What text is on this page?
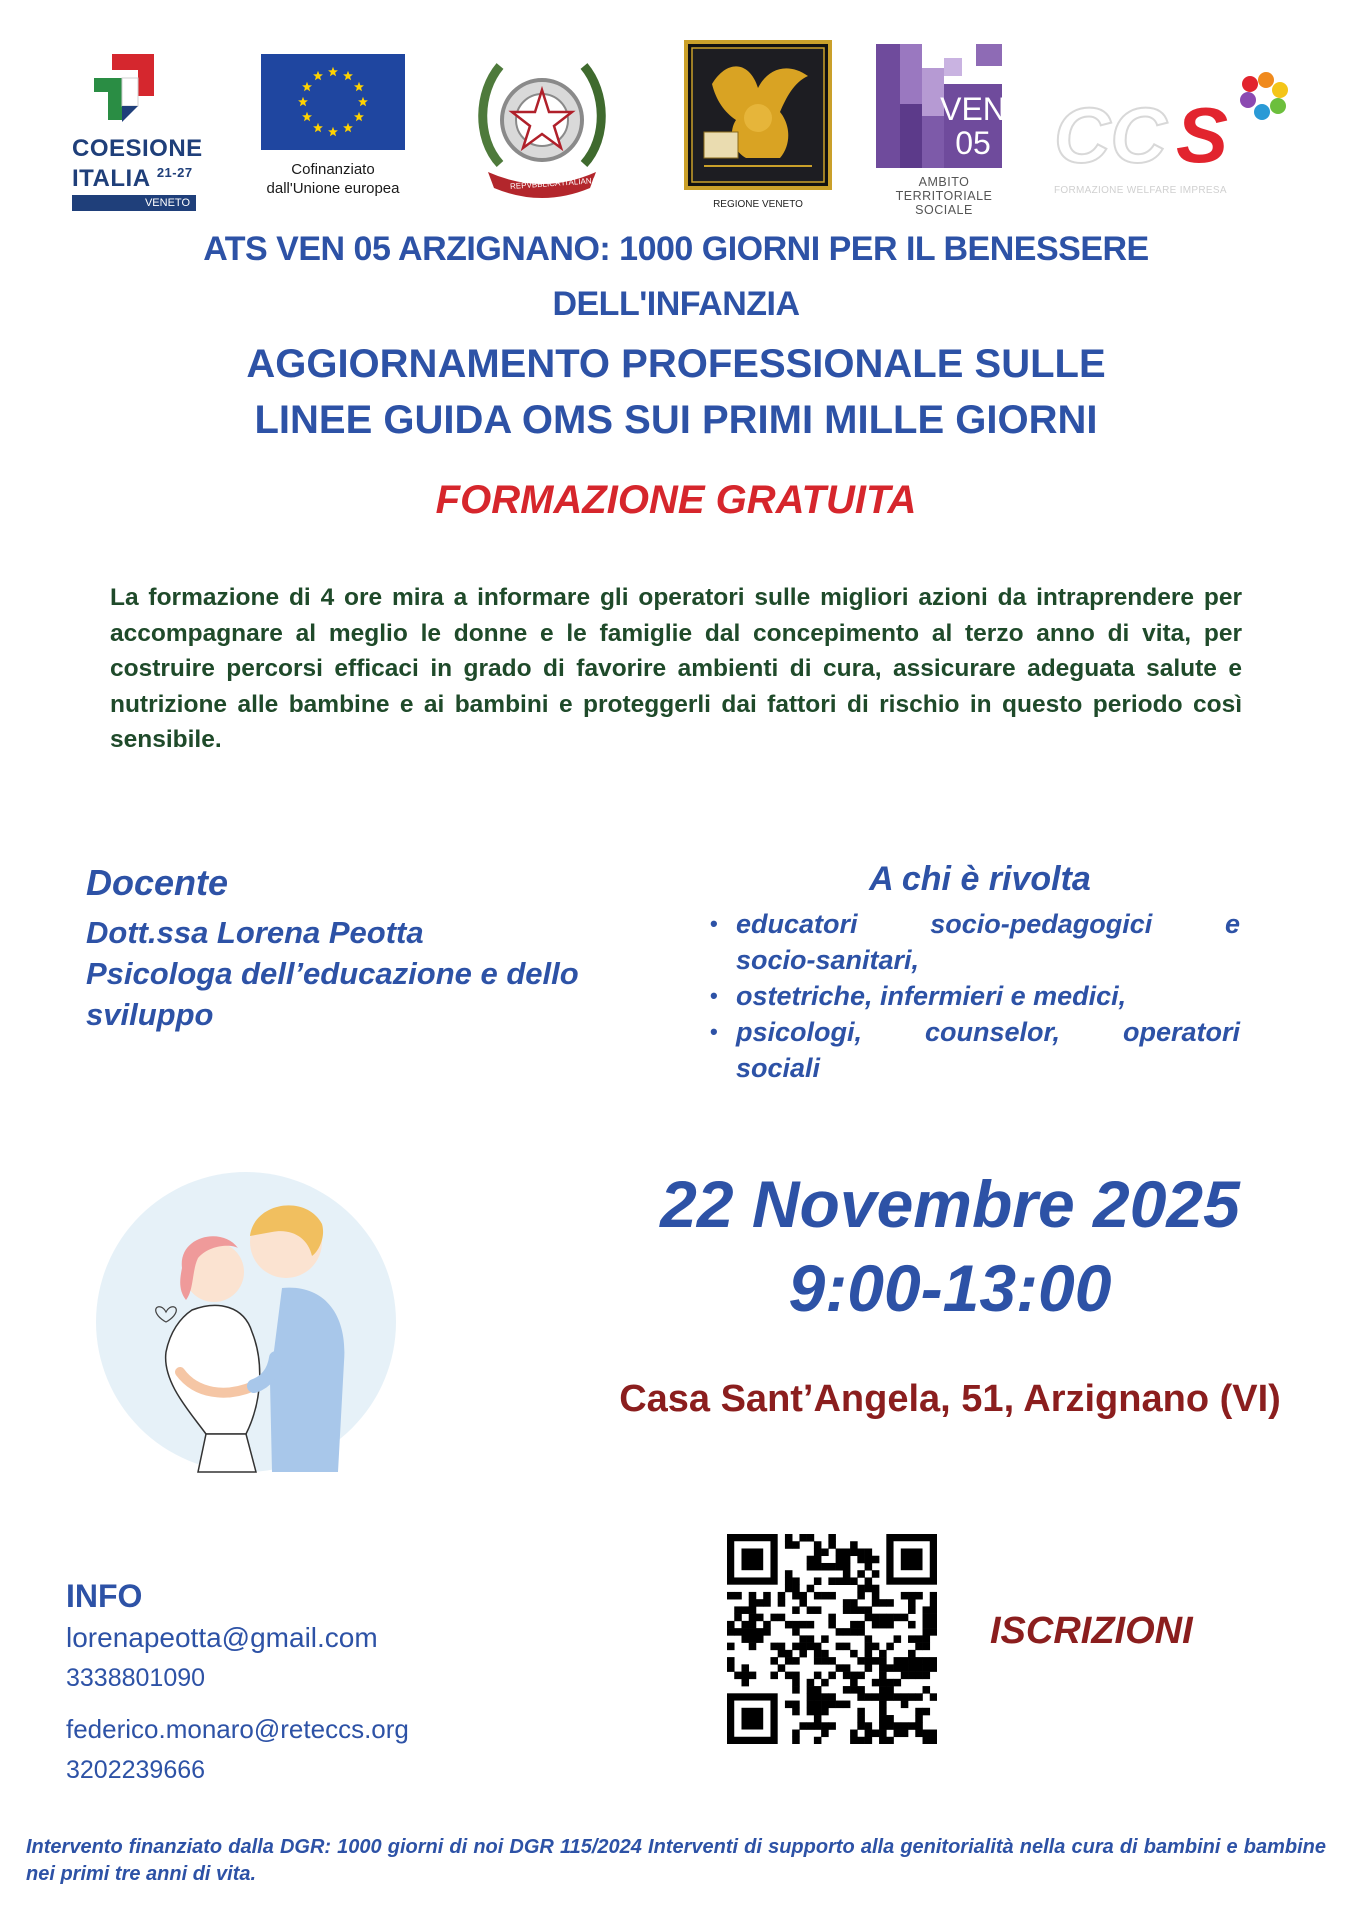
COESIONE
ITALIA $^{21-27}$
VENETO
Cofinanziato
dall'Unione europea	REPVBBLICA ITALIANA
REGIONE VENETO
VEN
05
AMBITO
TERRITORIALE
SOCIALE
CC S
FORMAZIONE WELFARE IMPRESA
ATS VEN 05 ARZIGNANO: 1000 GIORNI PER IL BENESSERE
DELL'INFANZIA
AGGIORNAMENTO PROFESSIONALE SULLE
LINEE GUIDA OMS SUI PRIMI MILLE GIORNI
FORMAZIONE GRATUITA
La formazione di 4 ore mira a informare gli operatori sulle migliori azioni da intraprendere per accompagnare al meglio le donne e le famiglie dal concepimento al terzo anno di vita, per costruire percorsi efficaci in grado di favorire ambienti di cura, assicurare adeguata salute e nutrizione alle bambine e ai bambini e proteggerli dai fattori di rischio in questo periodo così sensibile.
Docente
Dott.ssa Lorena Peotta
Psicologa dell’educazione e dello
sviluppo
A chi è rivolta
• educatori socio-pedagogici e
socio-sanitari,
• ostetriche, infermieri e medici,
• psicologi, counselor, operatori
sociali
22 Novembre 2025
9:00-13:00
Casa Sant’Angela, 51, Arzignano (VI)
INFO
lorenapeotta@gmail.com
3338801090
federico.monaro@reteccs.org
3202239666
ISCRIZIONI
Intervento finanziato dalla DGR: 1000 giorni di noi DGR 115/2024 Interventi di supporto alla genitorialità nella cura di bambini e bambine nei primi tre anni di vita.
